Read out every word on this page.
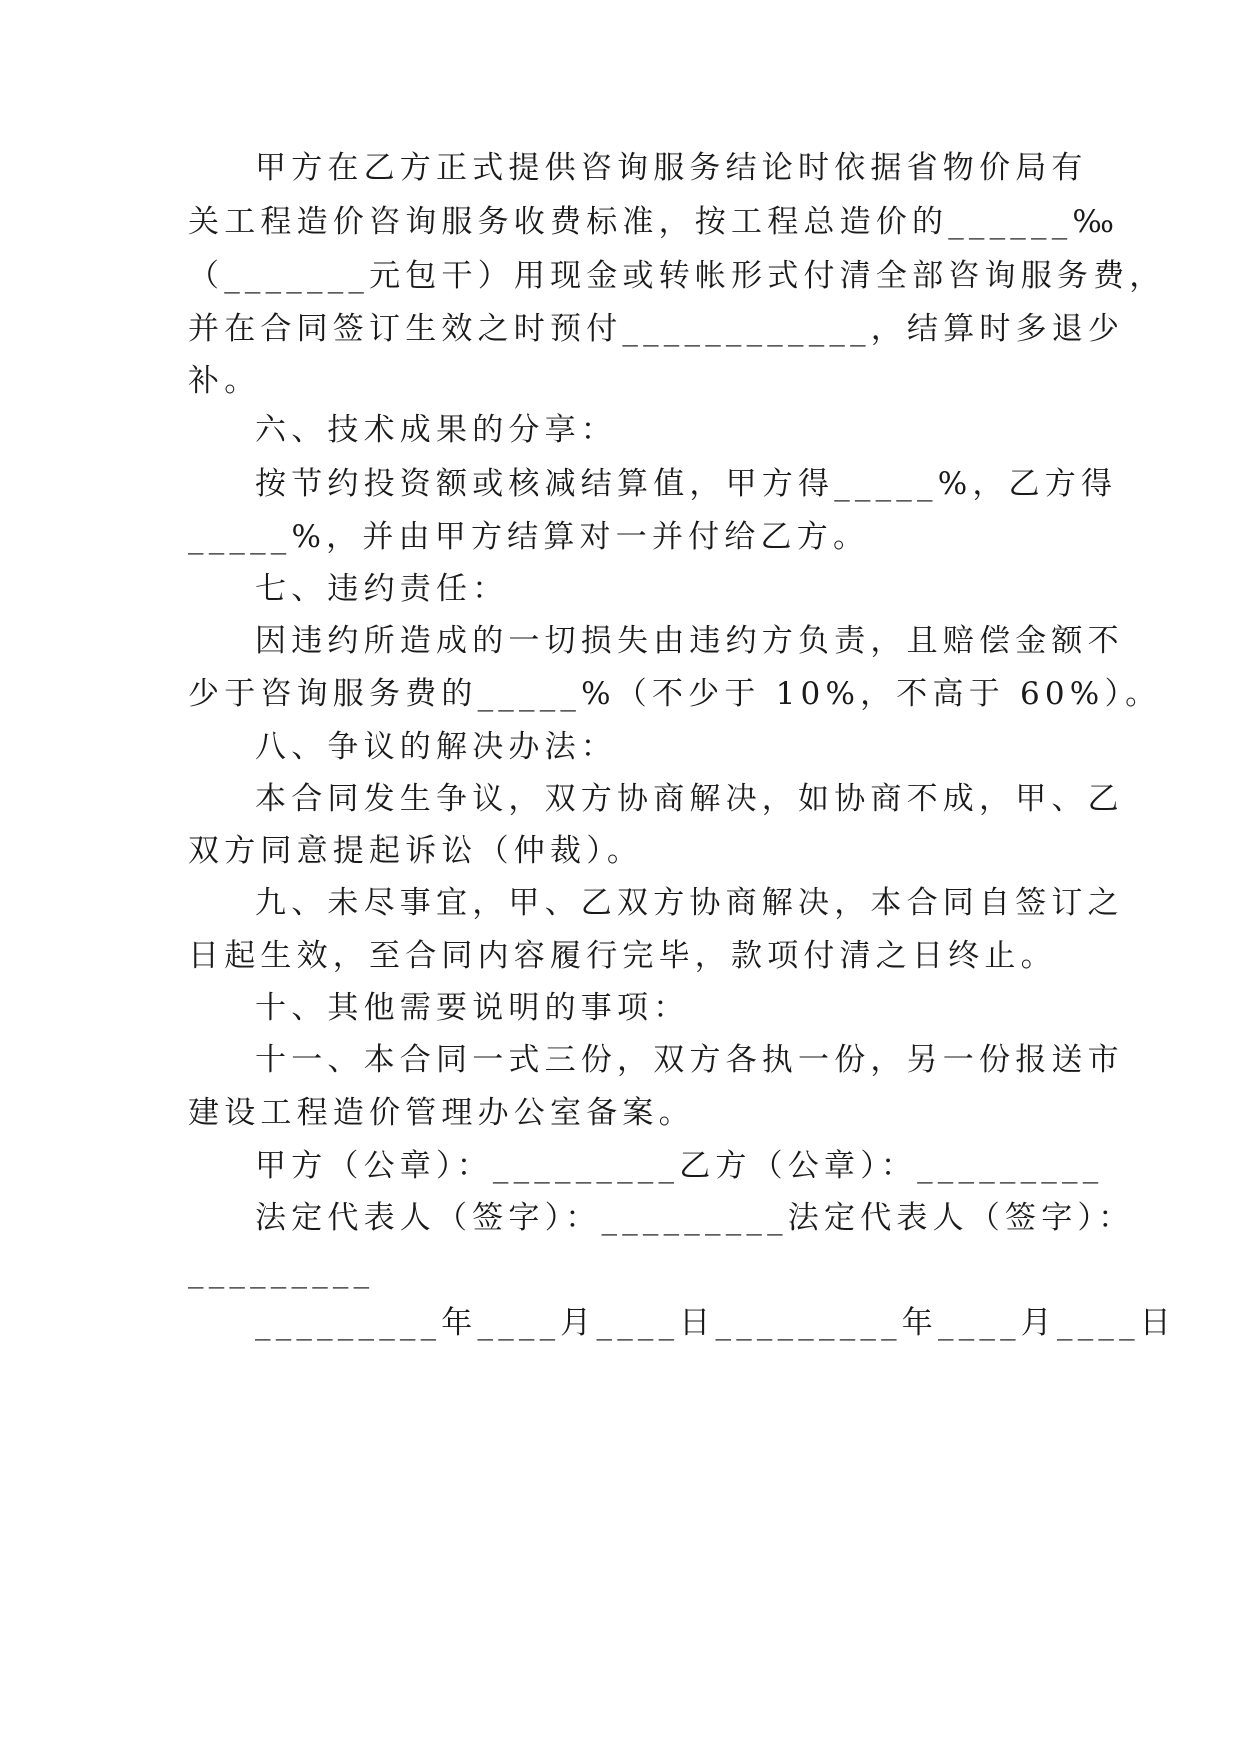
甲方在乙方正式提供咨询服务结论时依据省物价局有
关工程造价咨询服务收费标准，按工程总造价的______‰
（_______元包干）用现金或转帐形式付清全部咨询服务费，
并在合同签订生效之时预付____________，结算时多退少
补。
六、技术成果的分享：
按节约投资额或核减结算值，甲方得_____%，乙方得
_____%，并由甲方结算对一并付给乙方。
七、违约责任：
因违约所造成的一切损失由违约方负责，且赔偿金额不
少于咨询服务费的_____%（不少于 10%，不高于 60%）。
八、争议的解决办法：
本合同发生争议，双方协商解决，如协商不成，甲、乙
双方同意提起诉讼（仲裁）。
九、未尽事宜，甲、乙双方协商解决，本合同自签订之
日起生效，至合同内容履行完毕，款项付清之日终止。
十、其他需要说明的事项：
十一、本合同一式三份，双方各执一份，另一份报送市
建设工程造价管理办公室备案。
甲方（公章）：_________乙方（公章）：_________
法定代表人（签字）：_________法定代表人（签字）：
_________
_________年____月____日_________年____月____日
